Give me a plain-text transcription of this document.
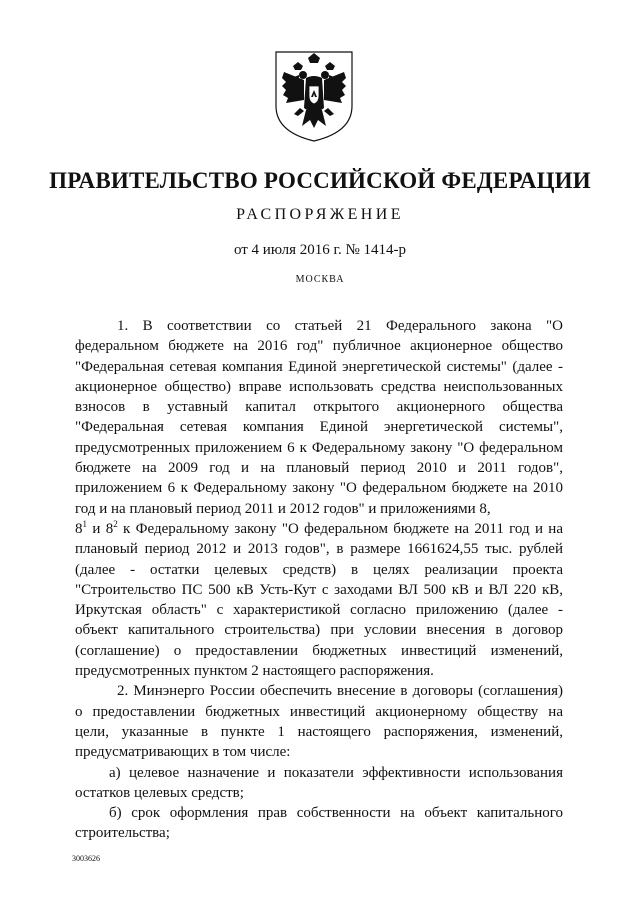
ПРАВИТЕЛЬСТВО РОССИЙСКОЙ ФЕДЕРАЦИИ
РАСПОРЯЖЕНИЕ
от 4 июля 2016 г. № 1414-р
МОСКВА

1. В соответствии со статьей 21 Федерального закона "О федеральном бюджете на 2016 год" публичное акционерное общество "Федеральная сетевая компания Единой энергетической системы" (далее - акционерное общество) вправе использовать средства неиспользованных взносов в уставный капитал открытого акционерного общества "Федеральная сетевая компания Единой энергетической системы", предусмотренных приложением 6 к Федеральному закону "О федеральном бюджете на 2009 год и на плановый период 2010 и 2011 годов", приложением 6 к Федеральному закону "О федеральном бюджете на 2010 год и на плановый период 2011 и 2012 годов" и приложениями 8,
$8^1$ и $8^2$ к Федеральному закону "О федеральном бюджете на 2011 год и на плановый период 2012 и 2013 годов", в размере 1661624,55 тыс. рублей (далее - остатки целевых средств) в целях реализации проекта "Строительство ПС 500 кВ Усть-Кут с заходами ВЛ 500 кВ и ВЛ 220 кВ, Иркутская область" с характеристикой согласно приложению (далее - объект капитального строительства) при условии внесения в договор (соглашение) о предоставлении бюджетных инвестиций изменений, предусмотренных пунктом 2 настоящего распоряжения.

2. Минэнерго России обеспечить внесение в договоры (соглашения) о предоставлении бюджетных инвестиций акционерному обществу на цели, указанные в пункте 1 настоящего распоряжения, изменений, предусматривающих в том числе:

а) целевое назначение и показатели эффективности использования остатков целевых средств;

б) срок оформления прав собственности на объект капитального строительства;

3003626
